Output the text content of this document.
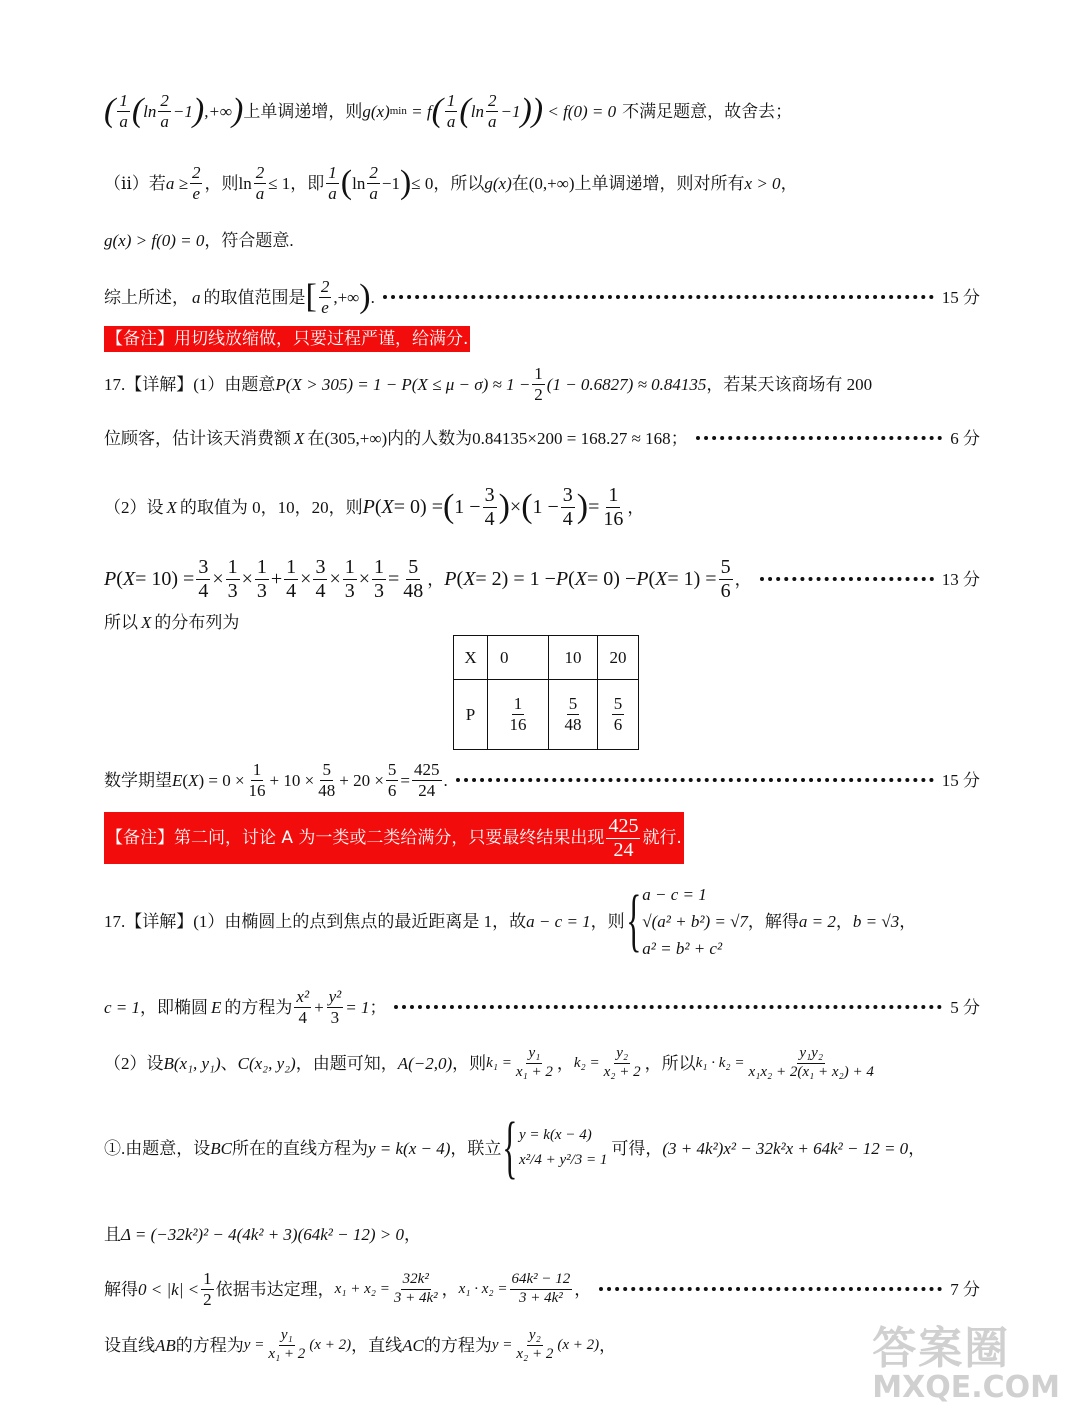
( $\frac{1}{a}$ ( $\ln \frac{2}{a} -1$ ) ,+∞ ) 上单调递增，则 g(x) min = f ( $\frac{1}{a}$ ( $\ln \frac{2}{a} -1$ ) ) < f(0) = 0 不满足题意，故舍去；
（ⅱ）若 $a \ge \frac{2}{e}$ ，则 $\ln \frac{2}{a} \le 1$ ，即 $\frac{1}{a}$ ( $\ln \frac{2}{a} -1$ ) ≤ 0 ，所以 g(x) 在 (0,+∞) 上单调递增，则对所有 x > 0 ，
g(x) > f(0) = 0 ，符合题意.
综上所述， a 的取值范围是 [ $\frac{2}{e}$ ,+∞ ) .	15 分
【备注】用切线放缩做，只要过程严谨，给满分.
17.【详解】(1）由题意 $P(X > 305) = 1 - P(X \le \mu - \sigma) \approx 1 - \frac{1}{2} (1 - 0.6827) \approx 0.84135$ ，若某天该商场有 200
位顾客，估计该天消费额 X 在 (305,+∞) 内的人数为 0.84135×200 = 168.27 ≈ 168 ；	6 分
（2）设 X 的取值为 0，10，20，则 P ( X = 0) = ( $1 - \frac{3}{4}$ ) × ( $1 - \frac{3}{4}$ ) = $\frac{1}{16}$ ，
P ( $X = 10) = \frac{3}{4} \times \frac{1}{3} \times \frac{1}{3} + \frac{1}{4} \times \frac{3}{4} \times \frac{1}{3} \times \frac{1}{3} = \frac{5}{48}$ ， P ( X = 2) = 1 − P ( X = 0) − P ( $X = 1) = \frac{5}{6}$ ，	13 分
所以 X 的分布列为
X	0	10	20
P	$\frac{1}{16}$	$\frac{5}{48}$	$\frac{5}{6}$
数学期望 E ( X ) = $0 \times \frac{1}{16} + 10 \times \frac{5}{48} + 20 \times \frac{5}{6} = \frac{425}{24}$ .	15 分
【备注】第二问，讨论 A 为一类或二类给满分，只要最终结果出现 $\frac{425}{24}$ 就行.
17.【详解】(1）由椭圆上的点到焦点的最近距离是 1，故 a − c = 1 ，则 { a − c = 1
√(a² + b²) = √7
a² = b² + c²
，解得 a = 2 ， b = √3 ，
c = 1 ，即椭圆 E 的方程为 $\frac{\text{x²}}{4} + \frac{\text{y²}}{3} = 1$ ；	5 分
（2）设 B(x₁, y₁) 、 C(x₂, y₂) ，由题可知， A(−2,0) ，则 $k_1 = \frac{\text{y₁}}{\text{x₁ + 2}}$ ， $k_2 = \frac{\text{y₂}}{\text{x₂ + 2}}$ ，所以 $k_1 \cdot k_2 = \frac{\text{y₁y₂}}{\text{x₁x₂ + 2(x₁ + x₂) + 4}}$
①.由题意，设 BC 所在的直线方程为 y = k(x − 4) ，联立 { y = k(x − 4)
x²/4 + y²/3 = 1
可得， (3 + 4k²)x² − 32k²x + 64k² − 12 = 0 ，
且 Δ = (−32k²)² − 4(4k² + 3)(64k² − 12) > 0 ，
解得 $0 < |k| < \frac{1}{2}$ 依据韦达定理， $x_1 + x_2 = \frac{\text{32k²}}{\text{3 + 4k²}}$ ， $x_1 \cdot x_2 = \frac{\text{64k² − 12}}{\text{3 + 4k²}}$ ，	7 分
设直线 AB 的方程为 $y = \frac{\text{y₁}}{\text{x₁ + 2}} (x + 2)$ ，直线 AC 的方程为 $y = \frac{\text{y₂}}{\text{x₂ + 2}} (x + 2)$ ，	答案圈
MXQE.COM
